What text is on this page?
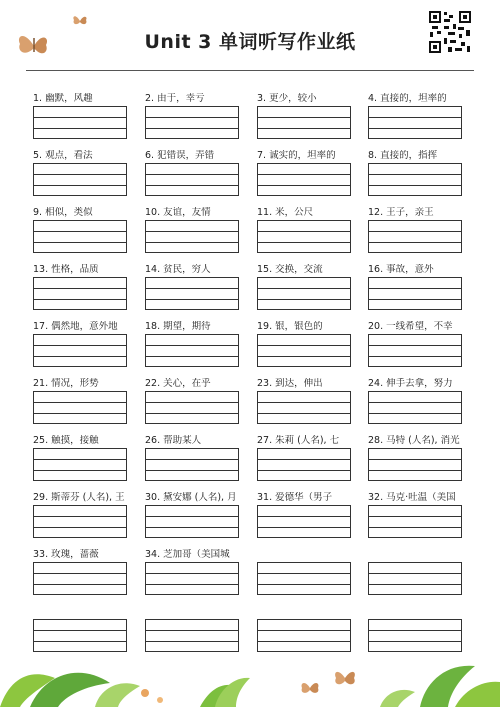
Unit 3 单词听写作业纸
1. 幽默，风趣	2. 由于，幸亏	3. 更少，较小	4. 直接的，坦率的
5. 观点，看法	6. 犯错误，弄错	7. 诚实的，坦率的	8. 直接的，指挥
9. 相似，类似	10. 友谊，友情	11. 米，公尺	12. 王子，亲王
13. 性格，品质	14. 贫民，穷人	15. 交换，交流	16. 事故，意外
17. 偶然地，意外地	18. 期望，期待	19. 银，银色的	20. 一线希望，不幸
21. 情况，形势	22. 关心，在乎	23. 到达，伸出	24. 伸手去拿，努力
25. 触摸，接触	26. 帮助某人	27. 朱莉 (人名), 七	28. 马特 (人名), 消光
29. 斯蒂芬 (人名), 王	30. 黛安娜 (人名), 月	31. 爱德华（男子	32. 马克·吐温（美国
33. 玫瑰，蔷薇	34. 芝加哥（美国城
